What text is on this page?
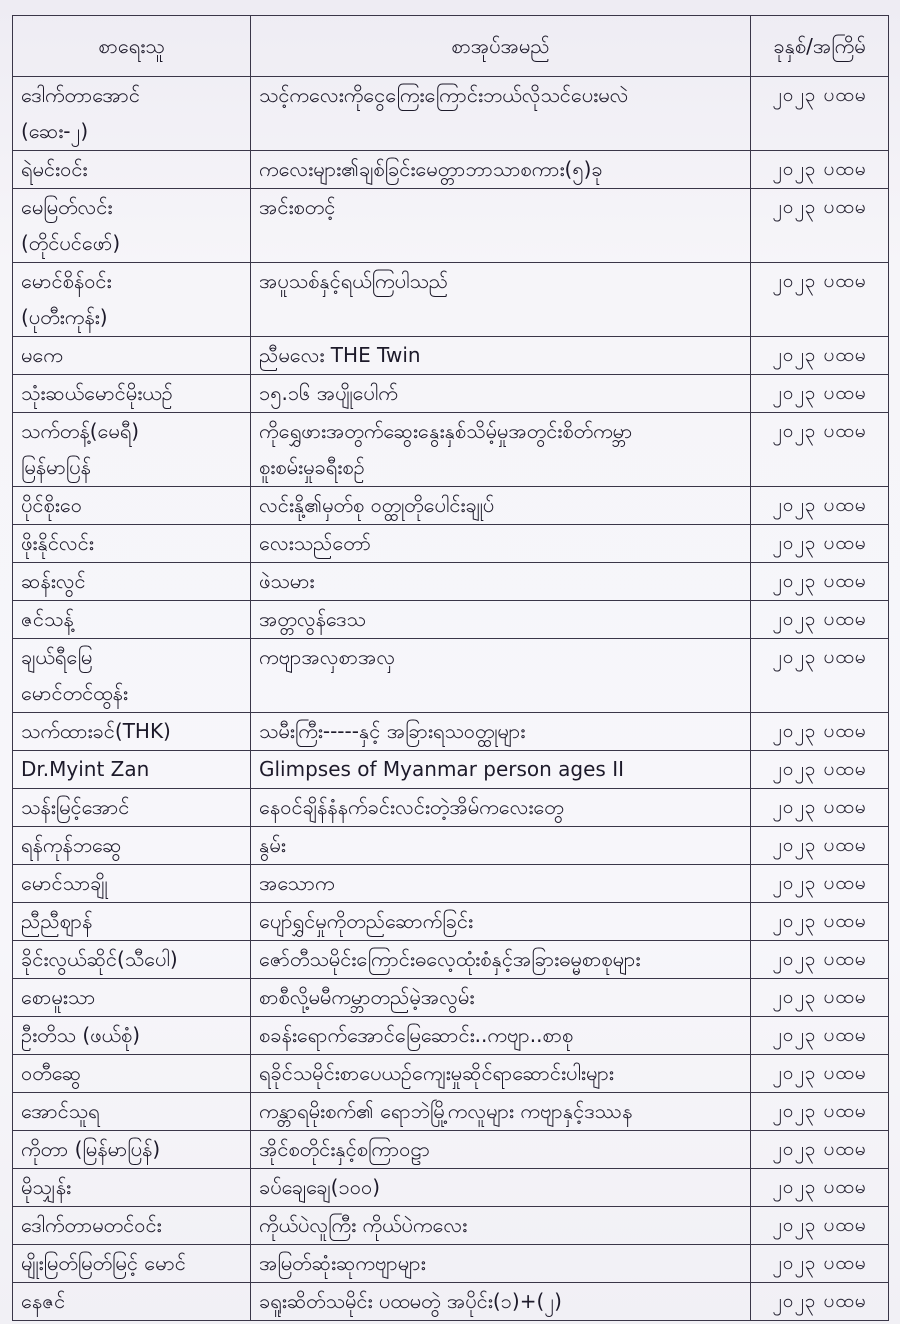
စာရေးသူ	စာအုပ်အမည်	ခုနှစ်/အကြိမ်

ဒေါက်တာအောင်
(ဆေး-၂)	သင့်ကလေးကိုငွေကြေးကြောင်းဘယ်လိုသင်ပေးမလဲ	၂၀၂၃ ပထမ

ရဲမင်းဝင်း	ကလေးများ၏ချစ်ခြင်းမေတ္တာဘာသာစကား(၅)ခု	၂၀၂၃ ပထမ

မေမြတ်လင်း
(တိုင်ပင်ဖော်)	အင်းစတင့်	၂၀၂၃ ပထမ

မောင်စိန်ဝင်း
(ပုတီးကုန်း)	အပူသစ်နှင့်ရယ်ကြပါသည်	၂၀၂၃ ပထမ

မကေ	ညီမလေး THE Twin	၂၀၂၃ ပထမ

သုံးဆယ်မောင်မိုးယဉ်	၁၅.၁၆ အပျိုပေါက်	၂၀၂၃ ပထမ

သက်တန့်(မေရီ)
မြန်မာပြန်	ကိုရွှေဖားအတွက်ဆွေးနွေးနှစ်သိမ့်မှုအတွင်းစိတ်ကမ္ဘာ
စူးစမ်းမှုခရီးစဉ်	၂၀၂၃ ပထမ

ပိုင်စိုးဝေ	လင်းနို့၏မှတ်စု ဝတ္ထုတိုပေါင်းချုပ်	၂၀၂၃ ပထမ

ဖိုးနိုင်လင်း	လေးသည်တော်	၂၀၂၃ ပထမ

ဆန်းလွင်	ဖဲသမား	၂၀၂၃ ပထမ

ဇင်သန့်	အတ္တလွန်ဒေသ	၂၀၂၃ ပထမ

ချယ်ရီမြေ
မောင်တင်ထွန်း	ကဗျာအလှစာအလှ	၂၀၂၃ ပထမ

သက်ထားခင်(THK)	သမီးကြီး-----နှင့် အခြားရသဝတ္ထုများ	၂၀၂၃ ပထမ

Dr.Myint Zan	Glimpses of Myanmar person ages II	၂၀၂၃ ပထမ

သန်းမြင့်အောင်	နေဝင်ချိန်နံနက်ခင်းလင်းတဲ့အိမ်ကလေးတွေ	၂၀၂၃ ပထမ

ရန်ကုန်ဘဆွေ	နွမ်း	၂၀၂၃ ပထမ

မောင်သာချို	အသောက	၂၀၂၃ ပထမ

ညီညီဈာန်	ပျော်ရွှင်မှုကိုတည်ဆောက်ခြင်း	၂၀၂၃ ပထမ

ခိုင်းလွယ်ဆိုင်(သီပေါ)	ဇော်တီသမိုင်းကြောင်းဓလေ့ထုံးစံနှင့်အခြားဓမ္မစာစုများ	၂၀၂၃ ပထမ

စောမူးသာ	စာစီလို့မမီကမ္ဘာတည်မဲ့အလွမ်း	၂၀၂၃ ပထမ

ဦးတိသ (ဖယ်စုံ)	စခန်းရောက်အောင်မြေဆောင်း..ကဗျာ..စာစု	၂၀၂၃ ပထမ

ဝတီဆွေ	ရခိုင်သမိုင်းစာပေယဉ်ကျေးမှုဆိုင်ရာဆောင်းပါးများ	၂၀၂၃ ပထမ

အောင်သူရ	ကန္တာရမိုးစက်၏ ရောဘဲမြို့ကလူများ ကဗျာနှင့်ဒဿန	၂၀၂၃ ပထမ

ကိုတာ (မြန်မာပြန်)	အိုင်စတိုင်းနှင့်စကြာဝဠာ	၂၀၂၃ ပထမ

မိုသျှန်း	ခပ်ချေချေ(၁၀၀)	၂၀၂၃ ပထမ

ဒေါက်တာမတင်ဝင်း	ကိုယ်ပဲလူကြီး ကိုယ်ပဲကလေး	၂၀၂၃ ပထမ

မျိုးမြတ်မြတ်မြင့် မောင်	အမြတ်ဆုံးဆုကဗျာများ	၂၀၂၃ ပထမ

နေဇင်	ခရူးဆိတ်သမိုင်း ပထမတွဲ အပိုင်း(၁)+(၂)	၂၀၂၃ ပထမ
